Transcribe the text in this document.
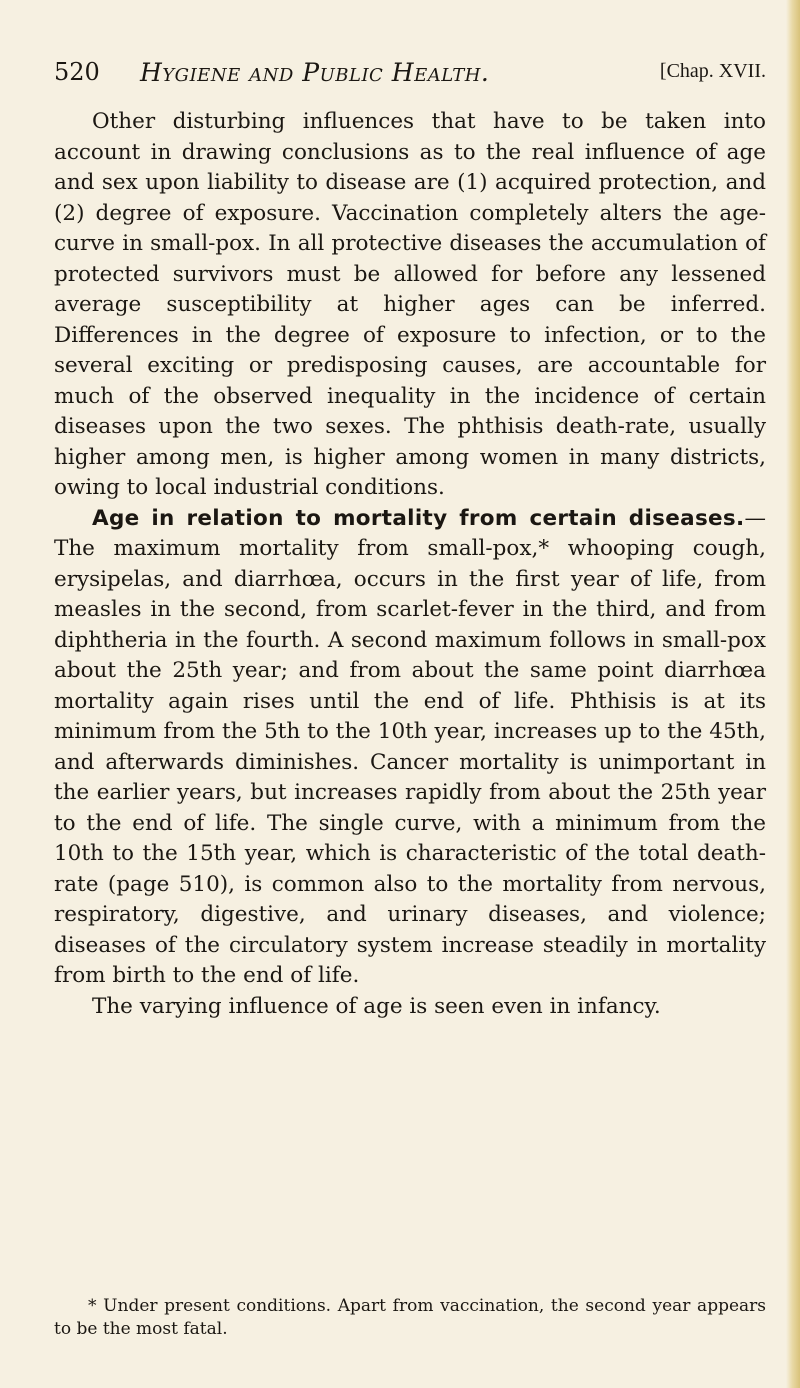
520 Hygiene and Public Health.	[Chap. XVII.

Other disturbing influences that have to be taken into account in drawing conclusions as to the real influence of age and sex upon liability to disease are (1) acquired protection, and (2) degree of exposure. Vaccination completely alters the age-curve in small-pox. In all protective diseases the accumulation of protected survivors must be allowed for before any lessened average susceptibility at higher ages can be inferred. Differences in the degree of exposure to infection, or to the several exciting or predisposing causes, are accountable for much of the observed inequality in the incidence of certain diseases upon the two sexes. The phthisis death-rate, usually higher among men, is higher among women in many districts, owing to local industrial conditions.

Age in relation to mortality from certain diseases.—The maximum mortality from small-pox,* whooping cough, erysipelas, and diarrhœa, occurs in the first year of life, from measles in the second, from scarlet-fever in the third, and from diphtheria in the fourth. A second maximum follows in small-pox about the 25th year; and from about the same point diarrhœa mortality again rises until the end of life. Phthisis is at its minimum from the 5th to the 10th year, increases up to the 45th, and afterwards diminishes. Cancer mortality is unimportant in the earlier years, but increases rapidly from about the 25th year to the end of life. The single curve, with a minimum from the 10th to the 15th year, which is characteristic of the total death-rate (page 510), is common also to the mortality from nervous, respiratory, digestive, and urinary diseases, and violence; diseases of the circulatory system increase steadily in mortality from birth to the end of life.

The varying influence of age is seen even in infancy.

* Under present conditions. Apart from vaccination, the second year appears to be the most fatal.
